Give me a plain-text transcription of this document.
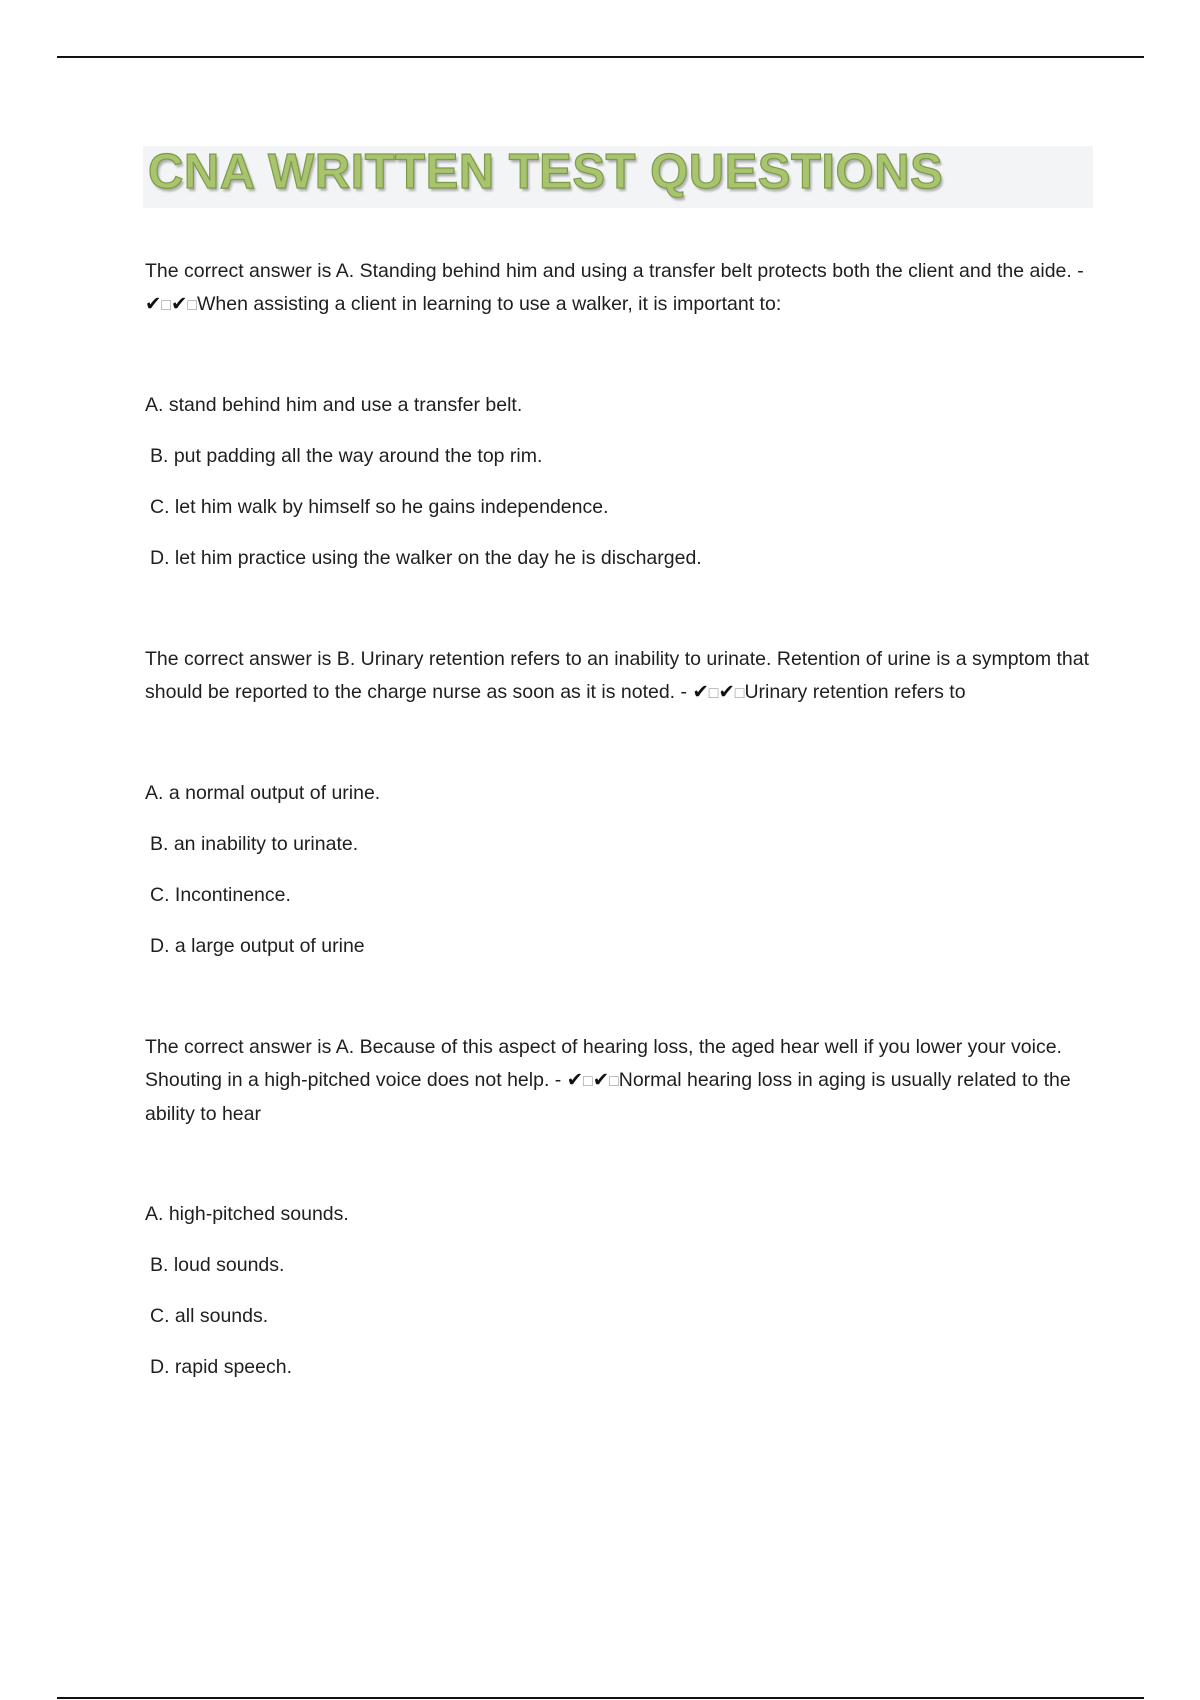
CNA WRITTEN TEST QUESTIONS

The correct answer is A. Standing behind him and using a transfer belt protects both the client and the aide. - ✔□✔□When assisting a client in learning to use a walker, it is important to:

A. stand behind him and use a transfer belt.
B. put padding all the way around the top rim.
C. let him walk by himself so he gains independence.
D. let him practice using the walker on the day he is discharged.

The correct answer is B. Urinary retention refers to an inability to urinate. Retention of urine is a symptom that should be reported to the charge nurse as soon as it is noted. - ✔□✔□Urinary retention refers to

A. a normal output of urine.
B. an inability to urinate.
C. Incontinence.
D. a large output of urine

The correct answer is A. Because of this aspect of hearing loss, the aged hear well if you lower your voice. Shouting in a high-pitched voice does not help. - ✔□✔□Normal hearing loss in aging is usually related to the ability to hear

A. high-pitched sounds.
B. loud sounds.
C. all sounds.
D. rapid speech.
